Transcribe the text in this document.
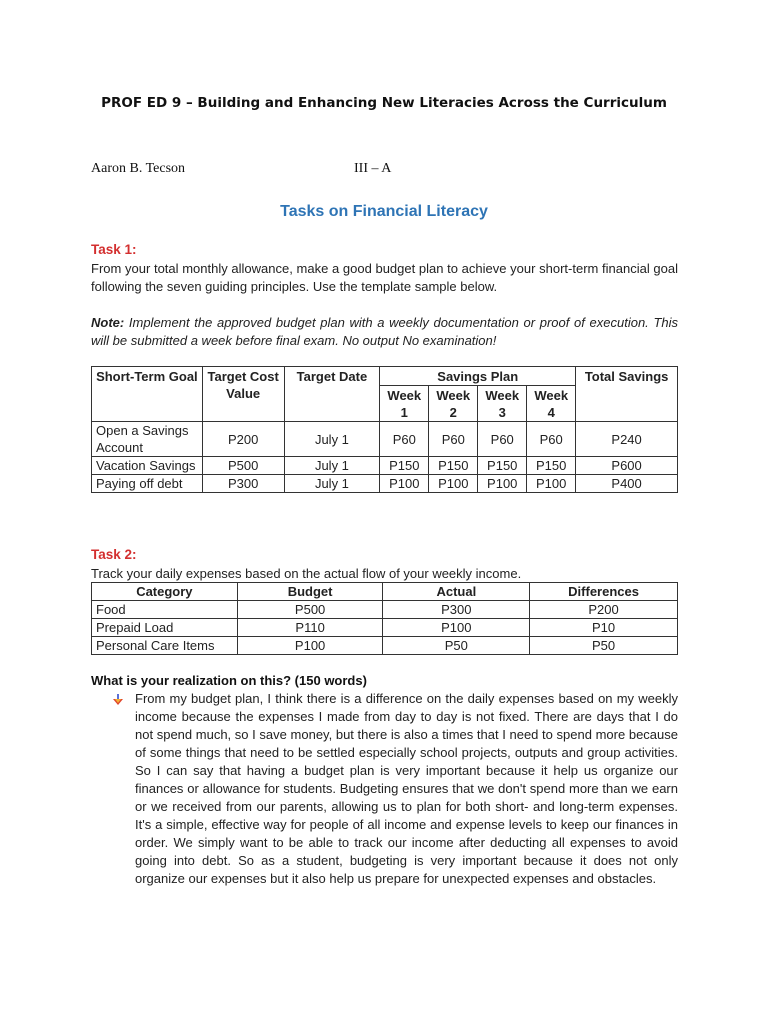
PROF ED 9 – Building and Enhancing New Literacies Across the Curriculum
Aaron B. Tecson	III – A
Tasks on Financial Literacy
Task 1:
From your total monthly allowance, make a good budget plan to achieve your short-term financial goal following the seven guiding principles. Use the template sample below.
Note: Implement the approved budget plan with a weekly documentation or proof of execution. This will be submitted a week before final exam. No output No examination!
Short-Term Goal	Target Cost Value	Target Date	Savings Plan				Total Savings
			Week 1	Week 2	Week 3	Week 4	
Open a Savings Account	P200	July 1	P60	P60	P60	P60	P240
Vacation Savings	P500	July 1	P150	P150	P150	P150	P600
Paying off debt	P300	July 1	P100	P100	P100	P100	P400
Task 2:
Track your daily expenses based on the actual flow of your weekly income.
Category	Budget	Actual	Differences
Food	P500	P300	P200
Prepaid Load	P110	P100	P10
Personal Care Items	P100	P50	P50
What is your realization on this? (150 words)
From my budget plan, I think there is a difference on the daily expenses based on my weekly income because the expenses I made from day to day is not fixed. There are days that I do not spend much, so I save money, but there is also a times that I need to spend more because of some things that need to be settled especially school projects, outputs and group activities. So I can say that having a budget plan is very important because it help us organize our finances or allowance for students. Budgeting ensures that we don't spend more than we earn or we received from our parents, allowing us to plan for both short- and long-term expenses. It's a simple, effective way for people of all income and expense levels to keep our finances in order. We simply want to be able to track our income after deducting all expenses to avoid going into debt. So as a student, budgeting is very important because it does not only organize our expenses but it also help us prepare for unexpected expenses and obstacles.
